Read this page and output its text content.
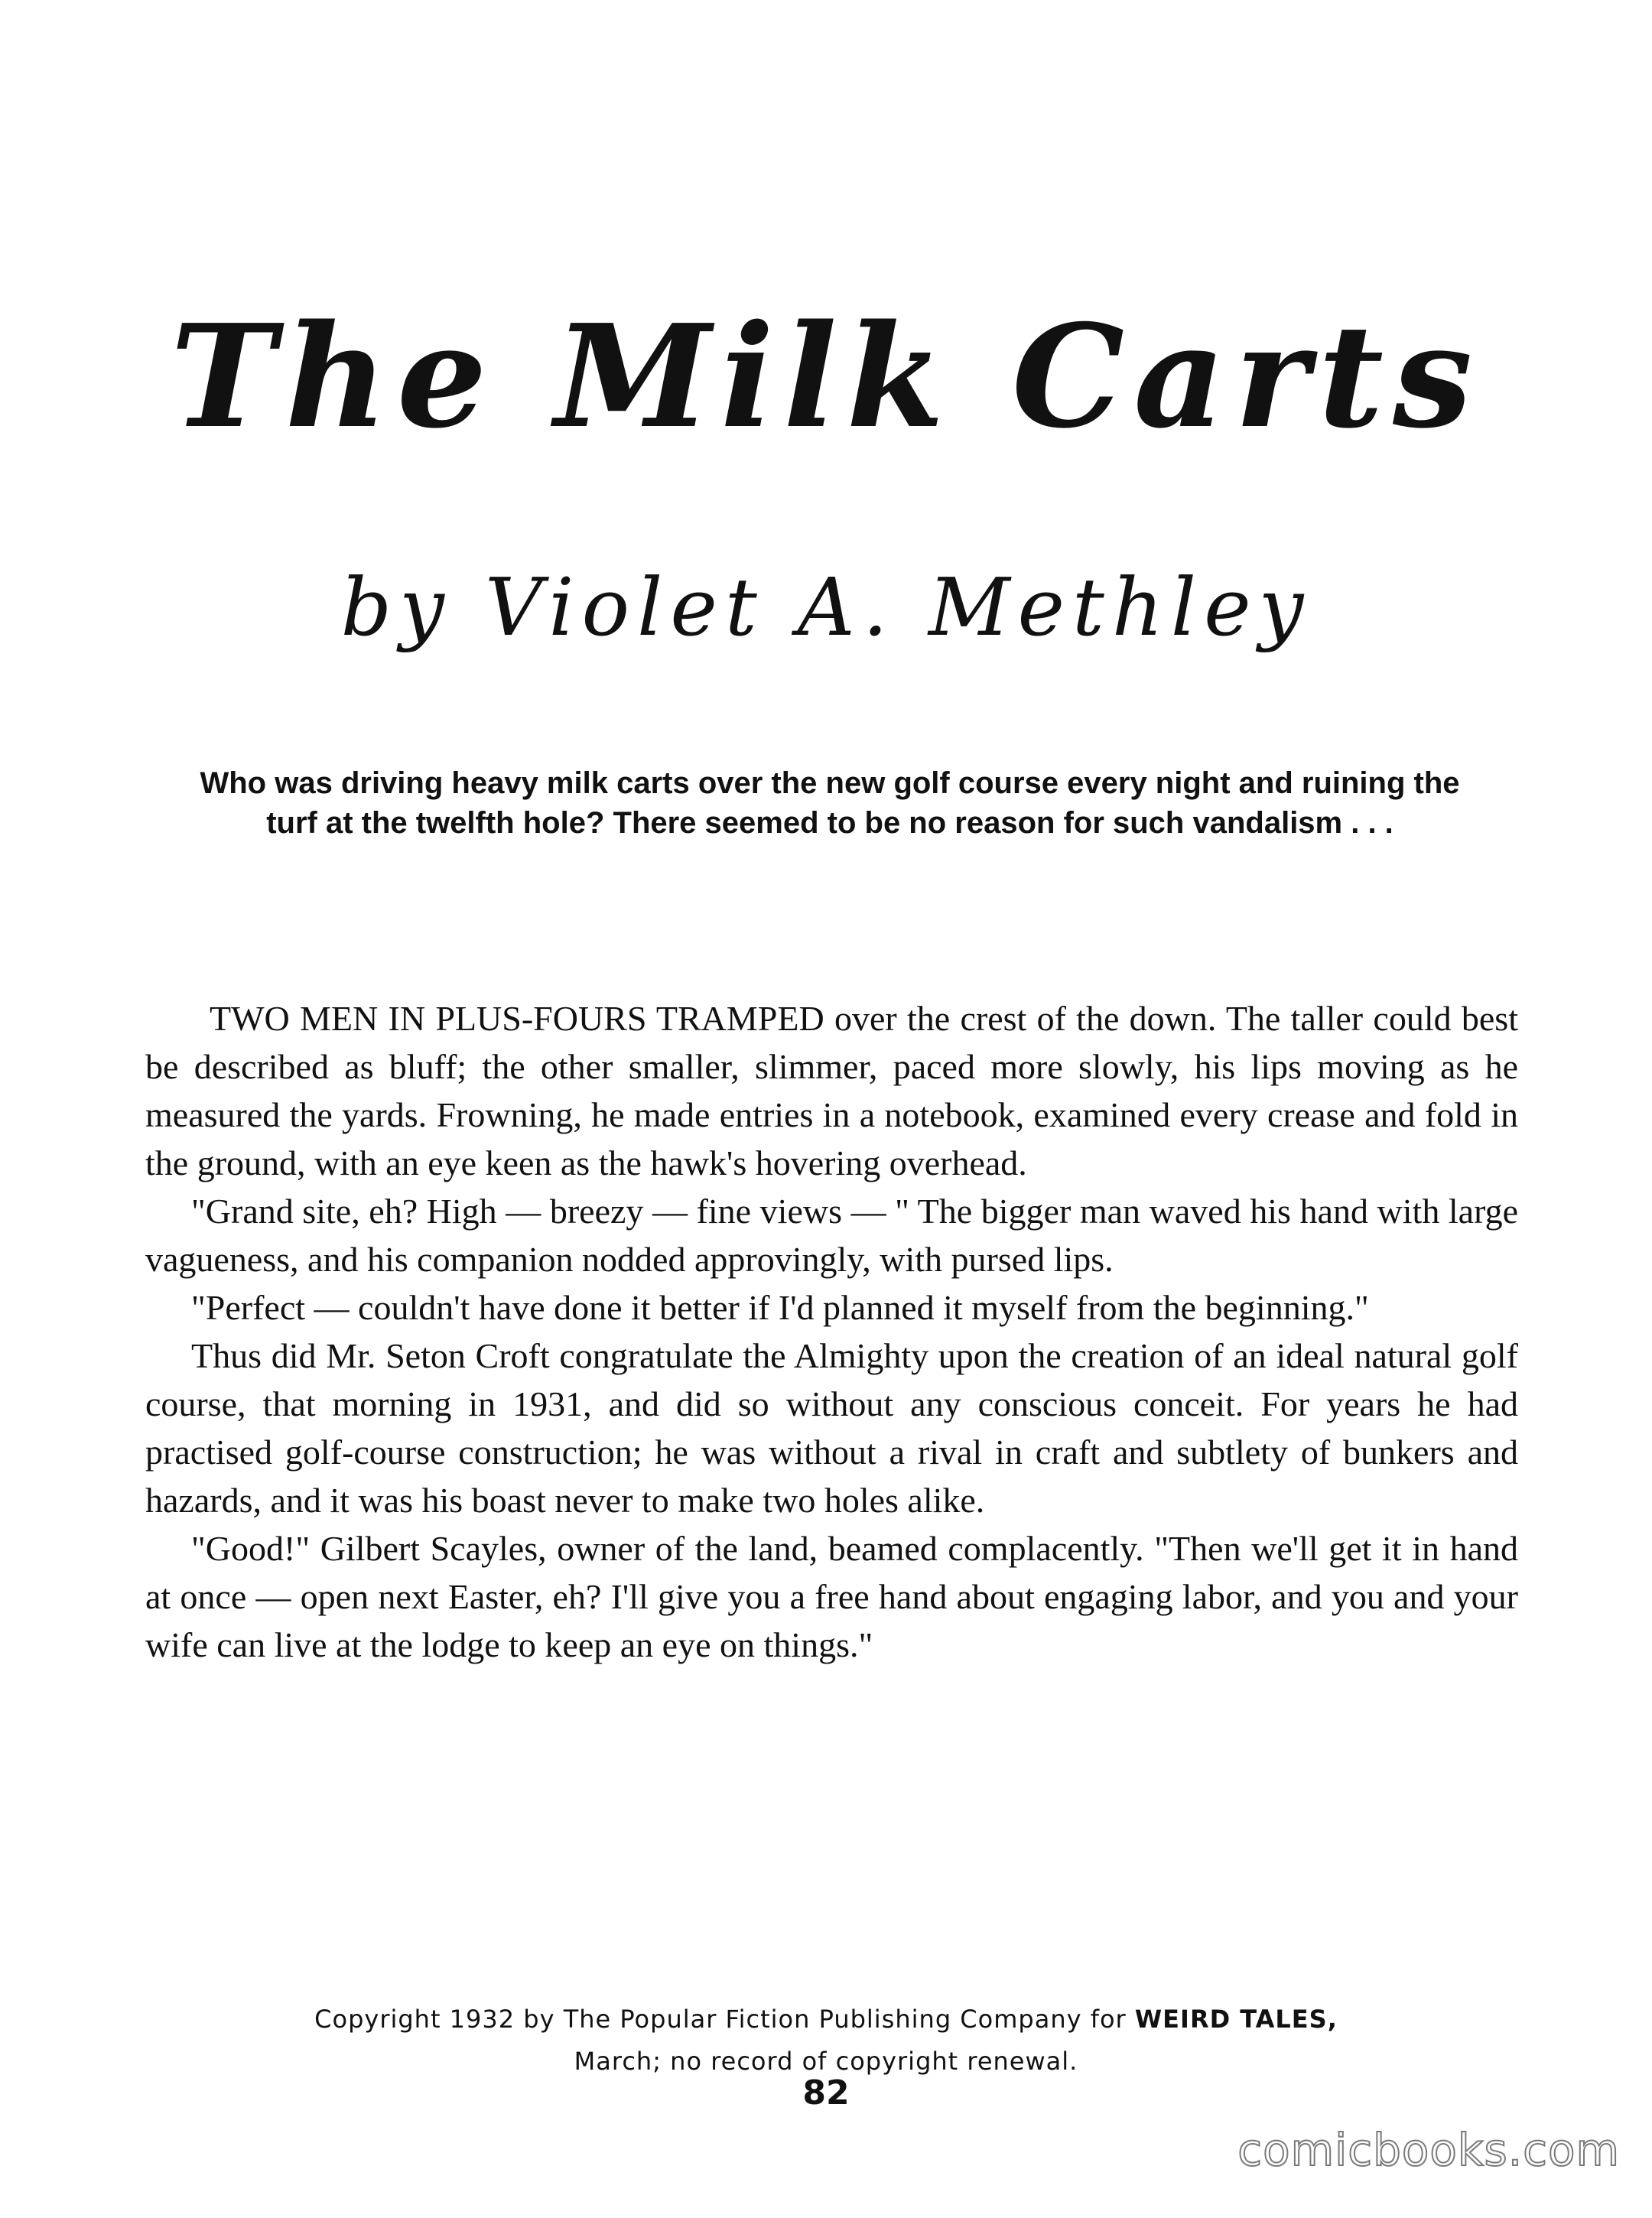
The Milk Carts
by Violet A. Methley
Who was driving heavy milk carts over the new golf course every night and ruining the turf at the twelfth hole? There seemed to be no reason for such vandalism . . .

TWO MEN IN PLUS-FOURS TRAMPED over the crest of the down. The taller could best be described as bluff; the other smaller, slimmer, paced more slowly, his lips moving as he measured the yards. Frowning, he made entries in a notebook, examined every crease and fold in the ground, with an eye keen as the hawk's hovering overhead.

"Grand site, eh? High — breezy — fine views — " The bigger man waved his hand with large vagueness, and his companion nodded approvingly, with pursed lips.

"Perfect — couldn't have done it better if I'd planned it myself from the beginning."

Thus did Mr. Seton Croft congratulate the Almighty upon the creation of an ideal natural golf course, that morning in 1931, and did so without any conscious conceit. For years he had practised golf-course construction; he was without a rival in craft and subtlety of bunkers and hazards, and it was his boast never to make two holes alike.

"Good!" Gilbert Scayles, owner of the land, beamed complacently. "Then we'll get it in hand at once — open next Easter, eh? I'll give you a free hand about engaging labor, and you and your wife can live at the lodge to keep an eye on things."

Copyright 1932 by The Popular Fiction Publishing Company for WEIRD TALES,
March; no record of copyright renewal.
82
comicbooks.com
